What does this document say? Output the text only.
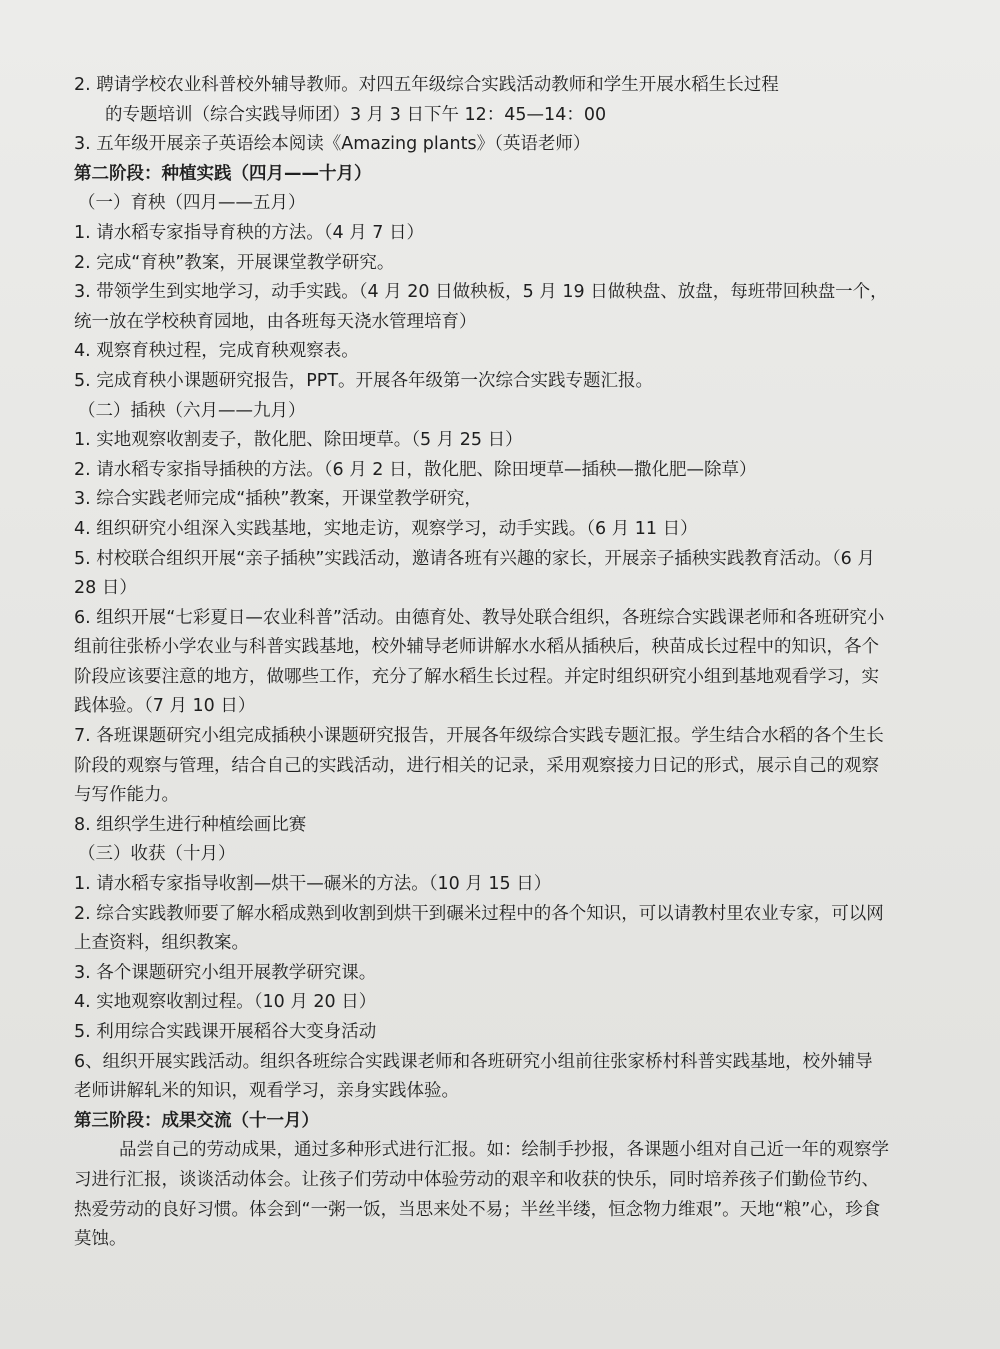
2. 聘请学校农业科普校外辅导教师。对四五年级综合实践活动教师和学生开展水稻生长过程
的专题培训（综合实践导师团）3 月 3 日下午 12：45—14：00
3. 五年级开展亲子英语绘本阅读《Amazing plants》（英语老师）
第二阶段：种植实践（四月——十月）
（一）育秧（四月——五月）
1. 请水稻专家指导育秧的方法。（4 月 7 日）
2. 完成“育秧”教案，开展课堂教学研究。
3. 带领学生到实地学习，动手实践。（4 月 20 日做秧板，5 月 19 日做秧盘、放盘，每班带回秧盘一个，统一放在学校秧育园地，由各班每天浇水管理培育）
4. 观察育秧过程，完成育秧观察表。
5. 完成育秧小课题研究报告，PPT。开展各年级第一次综合实践专题汇报。
（二）插秧（六月——九月）
1. 实地观察收割麦子，散化肥、除田埂草。（5 月 25 日）
2. 请水稻专家指导插秧的方法。（6 月 2 日，散化肥、除田埂草—插秧—撒化肥—除草）
3. 综合实践老师完成“插秧”教案，开课堂教学研究，
4. 组织研究小组深入实践基地，实地走访，观察学习，动手实践。（6 月 11 日）
5. 村校联合组织开展“亲子插秧”实践活动，邀请各班有兴趣的家长，开展亲子插秧实践教育活动。（6 月 28 日）
6. 组织开展“七彩夏日—农业科普”活动。由德育处、教导处联合组织，各班综合实践课老师和各班研究小组前往张桥小学农业与科普实践基地，校外辅导老师讲解水水稻从插秧后，秧苗成长过程中的知识，各个阶段应该要注意的地方，做哪些工作，充分了解水稻生长过程。并定时组织研究小组到基地观看学习，实践体验。（7 月 10 日）
7. 各班课题研究小组完成插秧小课题研究报告，开展各年级综合实践专题汇报。学生结合水稻的各个生长阶段的观察与管理，结合自己的实践活动，进行相关的记录，采用观察接力日记的形式，展示自己的观察与写作能力。
8. 组织学生进行种植绘画比赛
（三）收获（十月）
1. 请水稻专家指导收割—烘干—碾米的方法。（10 月 15 日）
2. 综合实践教师要了解水稻成熟到收割到烘干到碾米过程中的各个知识，可以请教村里农业专家，可以网上查资料，组织教案。
3. 各个课题研究小组开展教学研究课。
4. 实地观察收割过程。（10 月 20 日）
5. 利用综合实践课开展稻谷大变身活动
6、组织开展实践活动。组织各班综合实践课老师和各班研究小组前往张家桥村科普实践基地，校外辅导老师讲解轧米的知识，观看学习，亲身实践体验。
第三阶段：成果交流（十一月）
品尝自己的劳动成果，通过多种形式进行汇报。如：绘制手抄报，各课题小组对自己近一年的观察学习进行汇报，谈谈活动体会。让孩子们劳动中体验劳动的艰辛和收获的快乐，同时培养孩子们勤俭节约、热爱劳动的良好习惯。体会到“一粥一饭，当思来处不易；半丝半缕，恒念物力维艰”。天地“粮”心，珍食莫蚀。
